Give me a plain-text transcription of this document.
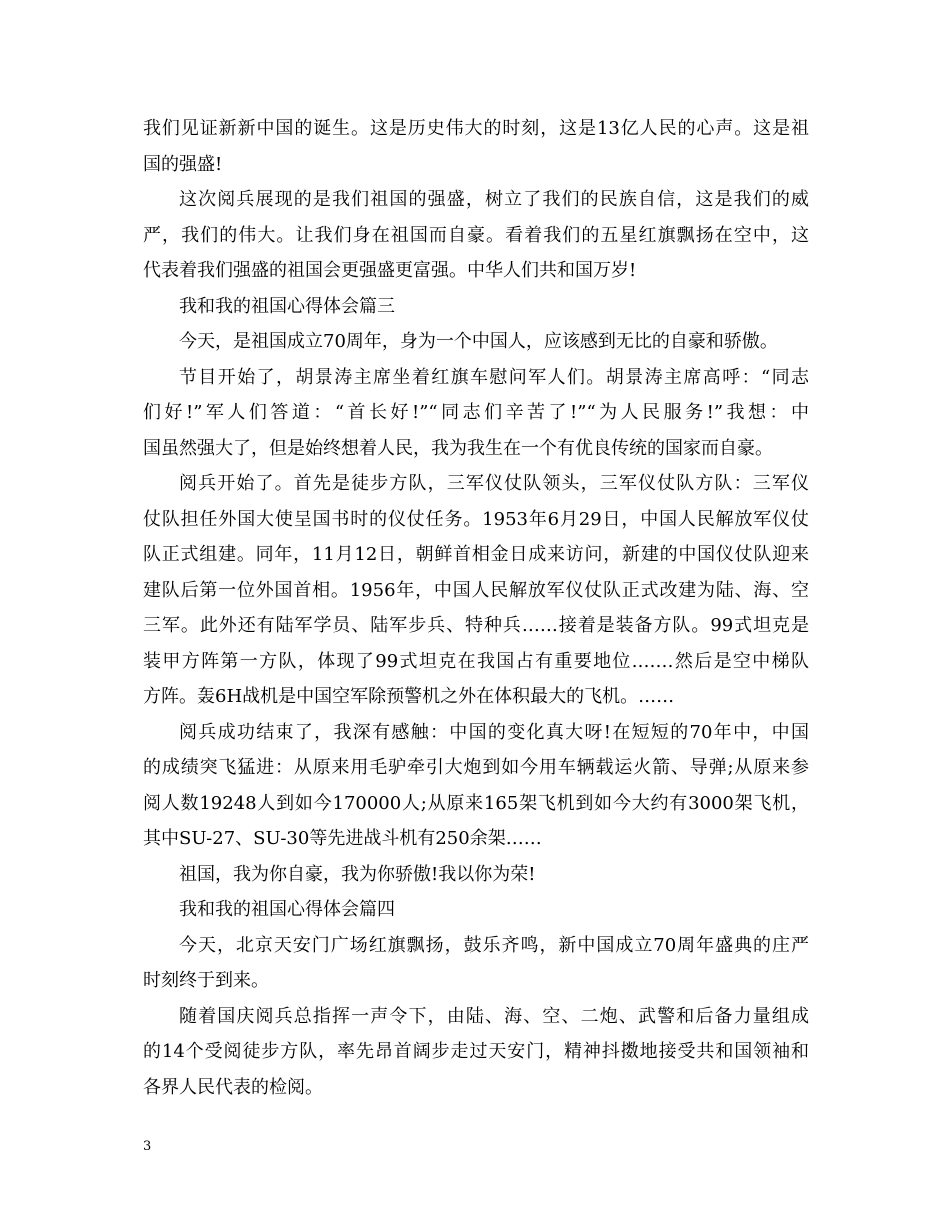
我们见证新新中国的诞生。这是历史伟大的时刻，这是13亿人民的心声。这是祖
国的强盛!
这次阅兵展现的是我们祖国的强盛，树立了我们的民族自信，这是我们的威
严，我们的伟大。让我们身在祖国而自豪。看着我们的五星红旗飘扬在空中，这
代表着我们强盛的祖国会更强盛更富强。中华人们共和国万岁!
我和我的祖国心得体会篇三
今天，是祖国成立70周年，身为一个中国人，应该感到无比的自豪和骄傲。
节目开始了，胡景涛主席坐着红旗车慰问军人们。胡景涛主席高呼：“同志
们好!”军人们答道：“首长好!”“同志们辛苦了!”“为人民服务!”我想：中
国虽然强大了，但是始终想着人民，我为我生在一个有优良传统的国家而自豪。
阅兵开始了。首先是徒步方队，三军仪仗队领头，三军仪仗队方队：三军仪
仗队担任外国大使呈国书时的仪仗任务。1953年6月29日，中国人民解放军仪仗
队正式组建。同年，11月12日，朝鲜首相金日成来访问，新建的中国仪仗队迎来
建队后第一位外国首相。1956年，中国人民解放军仪仗队正式改建为陆、海、空
三军。此外还有陆军学员、陆军步兵、特种兵……接着是装备方队。99式坦克是
装甲方阵第一方队，体现了99式坦克在我国占有重要地位.……然后是空中梯队
方阵。轰6H战机是中国空军除预警机之外在体积最大的飞机。……
阅兵成功结束了，我深有感触：中国的变化真大呀!在短短的70年中，中国
的成绩突飞猛进：从原来用毛驴牵引大炮到如今用车辆载运火箭、导弹;从原来参
阅人数19248人到如今170000人;从原来165架飞机到如今大约有3000架飞机，
其中SU-27、SU-30等先进战斗机有250余架……
祖国，我为你自豪，我为你骄傲!我以你为荣!
我和我的祖国心得体会篇四
今天，北京天安门广场红旗飘扬，鼓乐齐鸣，新中国成立70周年盛典的庄严
时刻终于到来。
随着国庆阅兵总指挥一声令下，由陆、海、空、二炮、武警和后备力量组成
的14个受阅徒步方队，率先昂首阔步走过天安门，精神抖擞地接受共和国领袖和
各界人民代表的检阅。
3
